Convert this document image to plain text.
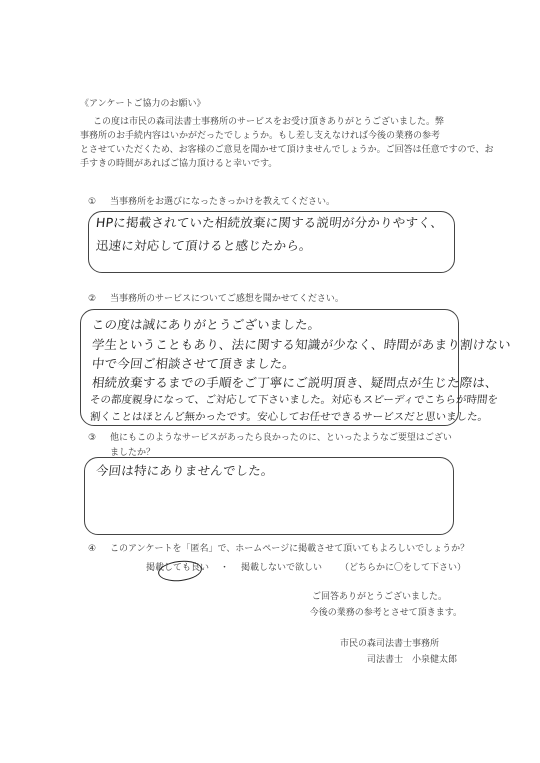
《アンケートご協力のお願い》
この度は市民の森司法書士事務所のサービスをお受け頂きありがとうございました。弊
事務所のお手続内容はいかがだったでしょうか。もし差し支えなければ今後の業務の参考
とさせていただくため、お客様のご意見を聞かせて頂けませんでしょうか。ご回答は任意ですので、お
手すきの時間があればご協力頂けると幸いです。
① 当事務所をお選びになったきっかけを教えてください。
HPに掲載されていた相続放棄に関する説明が分かりやすく、
迅速に対応して頂けると感じたから。
② 当事務所のサービスについてご感想を聞かせてください。
この度は誠にありがとうございました。
学生ということもあり、法に関する知識が少なく、時間があまり割けない
中で今回ご相談させて頂きました。
相続放棄するまでの手順をご丁寧にご説明頂き、疑問点が生じた際は、
その都度親身になって、ご対応して下さいました。対応もスピーディでこちらが時間を
割くことはほとんど無かったです。安心してお任せできるサービスだと思いました。
③ 他にもこのようなサービスがあったら良かったのに、といったようなご要望はござい
ましたか？
今回は特にありませんでした。
④ このアンケートを「匿名」で、ホームページに掲載させて頂いてもよろしいでしょうか？
掲載しても良い ・ 掲載しないで欲しい （どちらかに〇をして下さい）
ご回答ありがとうございました。
今後の業務の参考とさせて頂きます。
市民の森司法書士事務所
司法書士　小泉健太郎
